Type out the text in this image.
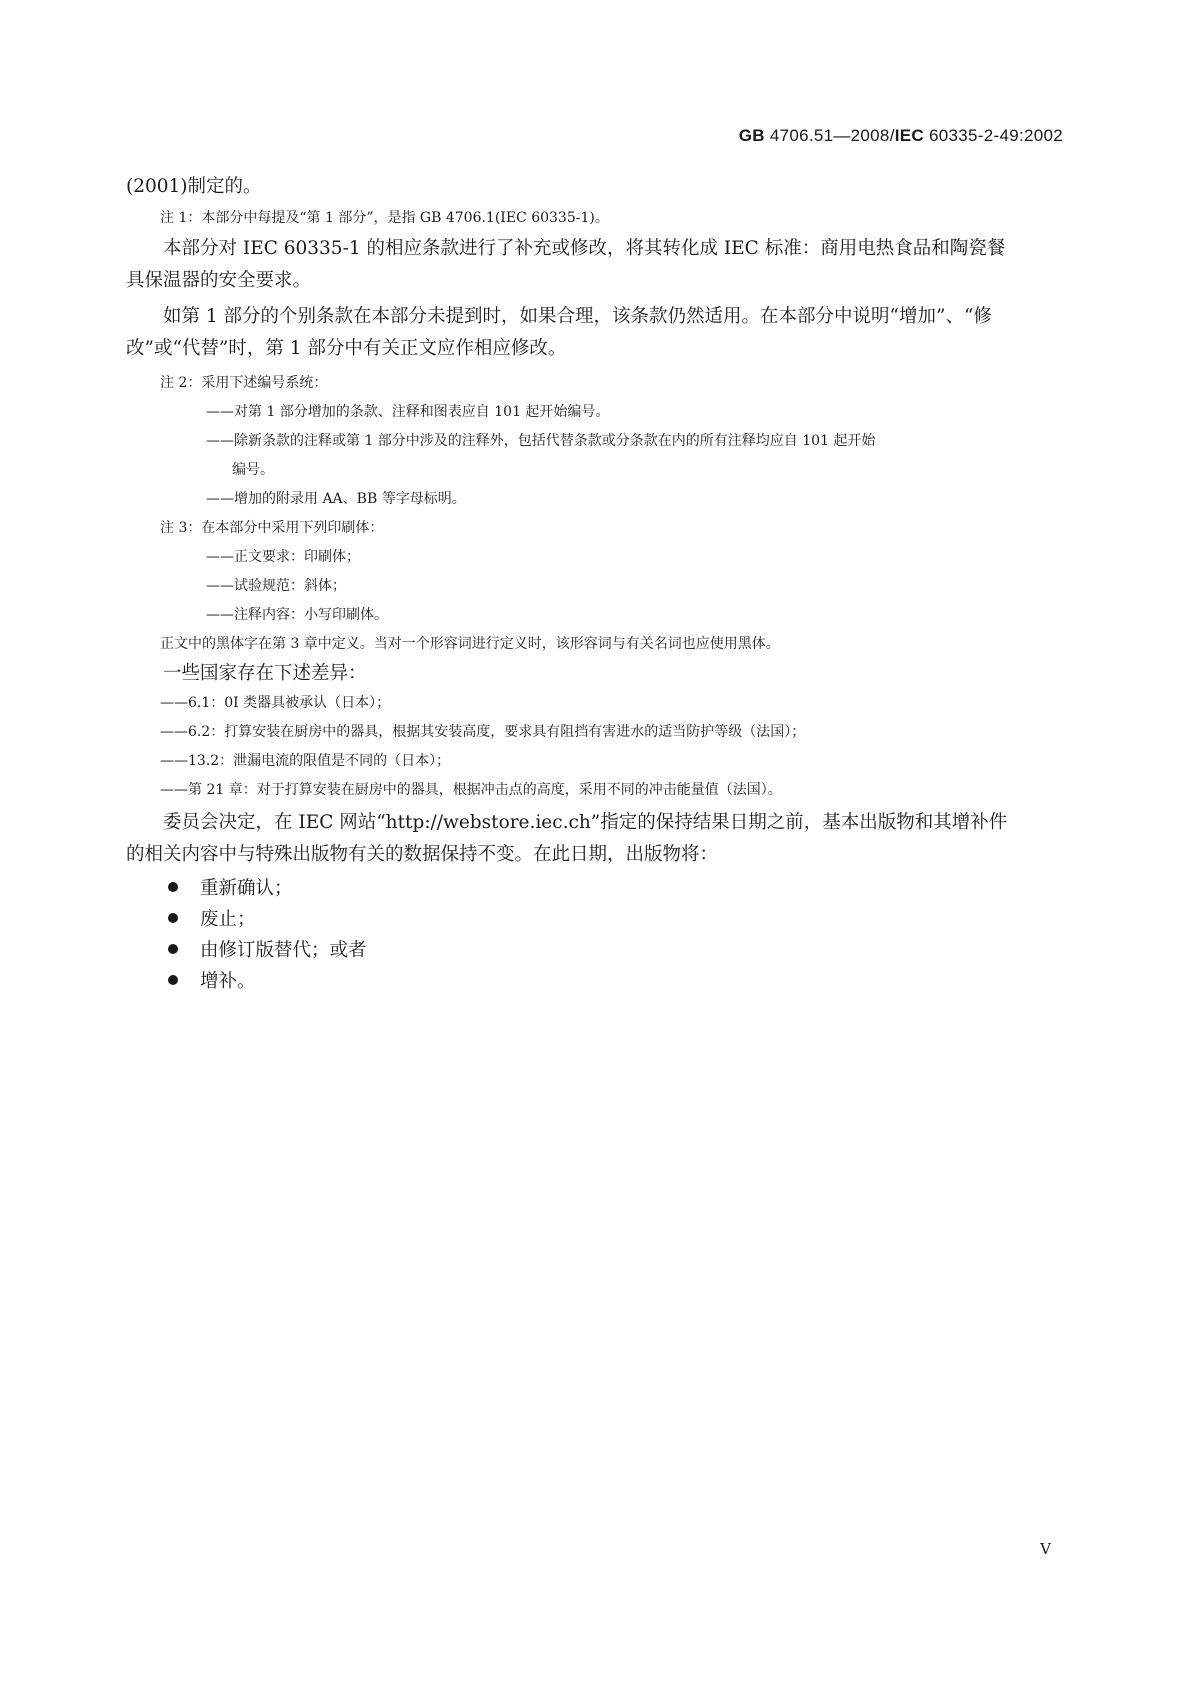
GB 4706.51—2008/IEC 60335-2-49:2002
(2001)制定的。
注 1：本部分中每提及“第 1 部分”，是指 GB 4706.1(IEC 60335-1)。
本部分对 IEC 60335-1 的相应条款进行了补充或修改，将其转化成 IEC 标准：商用电热食品和陶瓷餐具保温器的安全要求。
如第 1 部分的个别条款在本部分未提到时，如果合理，该条款仍然适用。在本部分中说明“增加”、“修改”或“代替”时，第 1 部分中有关正文应作相应修改。
注 2：采用下述编号系统：
——对第 1 部分增加的条款、注释和图表应自 101 起开始编号。
——除新条款的注释或第 1 部分中涉及的注释外，包括代替条款或分条款在内的所有注释均应自 101 起开始
编号。
——增加的附录用 AA、BB 等字母标明。
注 3：在本部分中采用下列印刷体：
——正文要求：印刷体；
——试验规范：斜体；
——注释内容：小写印刷体。
正文中的黑体字在第 3 章中定义。当对一个形容词进行定义时，该形容词与有关名词也应使用黑体。
一些国家存在下述差异：
——6.1：0I 类器具被承认（日本）；
——6.2：打算安装在厨房中的器具，根据其安装高度，要求具有阻挡有害进水的适当防护等级（法国）；
——13.2：泄漏电流的限值是不同的（日本）；
——第 21 章：对于打算安装在厨房中的器具，根据冲击点的高度，采用不同的冲击能量值（法国）。
委员会决定，在 IEC 网站“http://webstore.iec.ch”指定的保持结果日期之前，基本出版物和其增补件的相关内容中与特殊出版物有关的数据保持不变。在此日期，出版物将：
重新确认；
废止；
由修订版替代；或者
增补。
V
